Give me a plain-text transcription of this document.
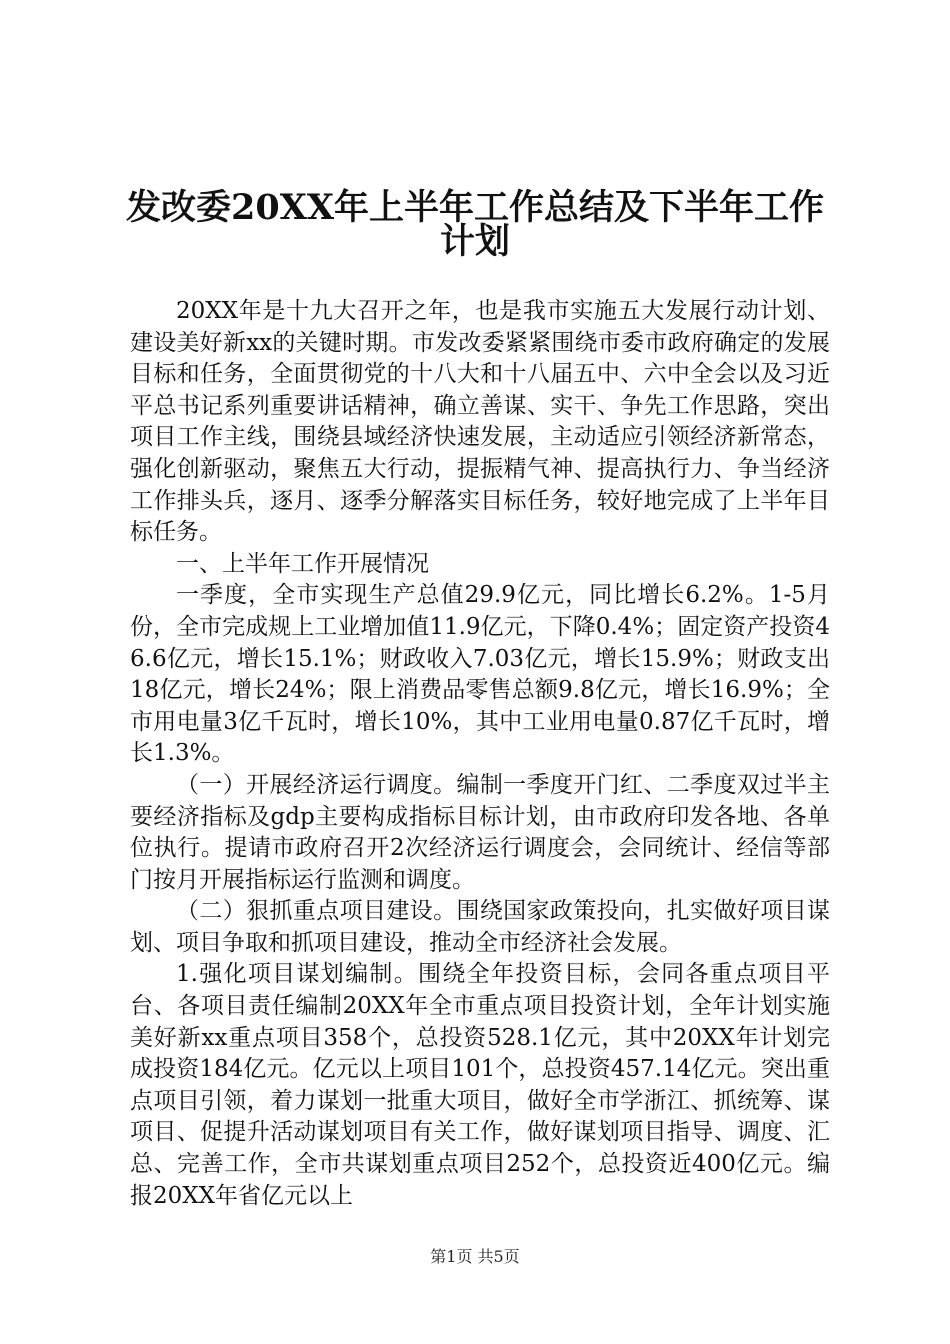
发改委20XX年上半年工作总结及下半年工作
计划

20XX年是十九大召开之年，也是我市实施五大发展行动计划、建设美好新xx的关键时期。市发改委紧紧围绕市委市政府确定的发展目标和任务，全面贯彻党的十八大和十八届五中、六中全会以及习近平总书记系列重要讲话精神，确立善谋、实干、争先工作思路，突出项目工作主线，围绕县域经济快速发展，主动适应引领经济新常态，强化创新驱动，聚焦五大行动，提振精气神、提高执行力、争当经济工作排头兵，逐月、逐季分解落实目标任务，较好地完成了上半年目标任务。

一、上半年工作开展情况

一季度，全市实现生产总值29.9亿元，同比增长6.2%。1-5月份，全市完成规上工业增加值11.9亿元，下降0.4%；固定资产投资46.6亿元，增长15.1%；财政收入7.03亿元，增长15.9%；财政支出18亿元，增长24%；限上消费品零售总额9.8亿元，增长16.9%；全市用电量3亿千瓦时，增长10%，其中工业用电量0.87亿千瓦时，增长1.3%。

（一）开展经济运行调度。编制一季度开门红、二季度双过半主要经济指标及gdp主要构成指标目标计划，由市政府印发各地、各单位执行。提请市政府召开2次经济运行调度会，会同统计、经信等部门按月开展指标运行监测和调度。

（二）狠抓重点项目建设。围绕国家政策投向，扎实做好项目谋划、项目争取和抓项目建设，推动全市经济社会发展。

1.强化项目谋划编制。围绕全年投资目标，会同各重点项目平台、各项目责任编制20XX年全市重点项目投资计划，全年计划实施美好新xx重点项目358个，总投资528.1亿元，其中20XX年计划完成投资184亿元。亿元以上项目101个，总投资457.14亿元。突出重点项目引领，着力谋划一批重大项目，做好全市学浙江、抓统筹、谋项目、促提升活动谋划项目有关工作，做好谋划项目指导、调度、汇总、完善工作，全市共谋划重点项目252个，总投资近400亿元。编报20XX年省亿元以上

第1页 共5页
